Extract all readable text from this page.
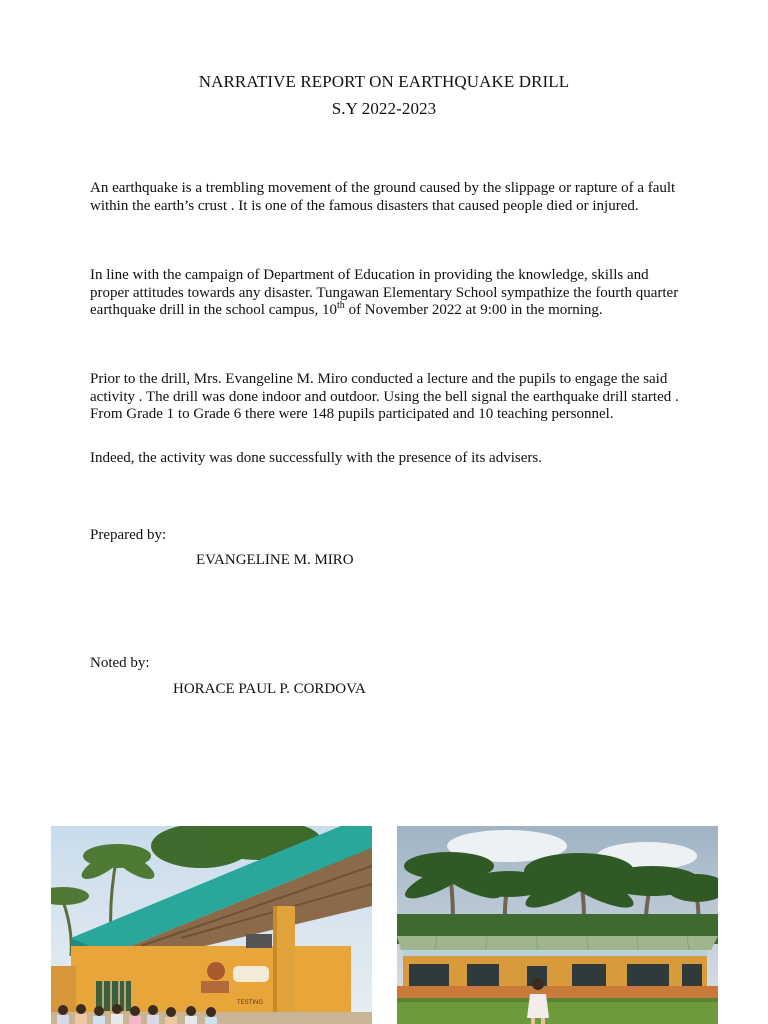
NARRATIVE REPORT ON EARTHQUAKE DRILL
S.Y 2022-2023

An earthquake is a trembling movement of the ground caused by the slippage or rapture of a fault within the earth’s crust . It is one of the famous disasters that caused people died or injured.

In line with the campaign of Department of Education in providing the knowledge, skills and proper attitudes towards any disaster. Tungawan Elementary School sympathize the fourth quarter earthquake drill in the school campus, 10th of November 2022 at 9:00 in the morning.

Prior to the drill, Mrs. Evangeline M. Miro conducted a lecture and the pupils to engage the said activity . The drill was done indoor and outdoor. Using the bell signal the earthquake drill started . From Grade 1 to Grade 6 there were 148 pupils participated and 10 teaching personnel.

Indeed, the activity was done successfully with the presence of its advisers.

Prepared by:
EVANGELINE M. MIRO
Noted by:
HORACE PAUL P. CORDOVA
TESTING
